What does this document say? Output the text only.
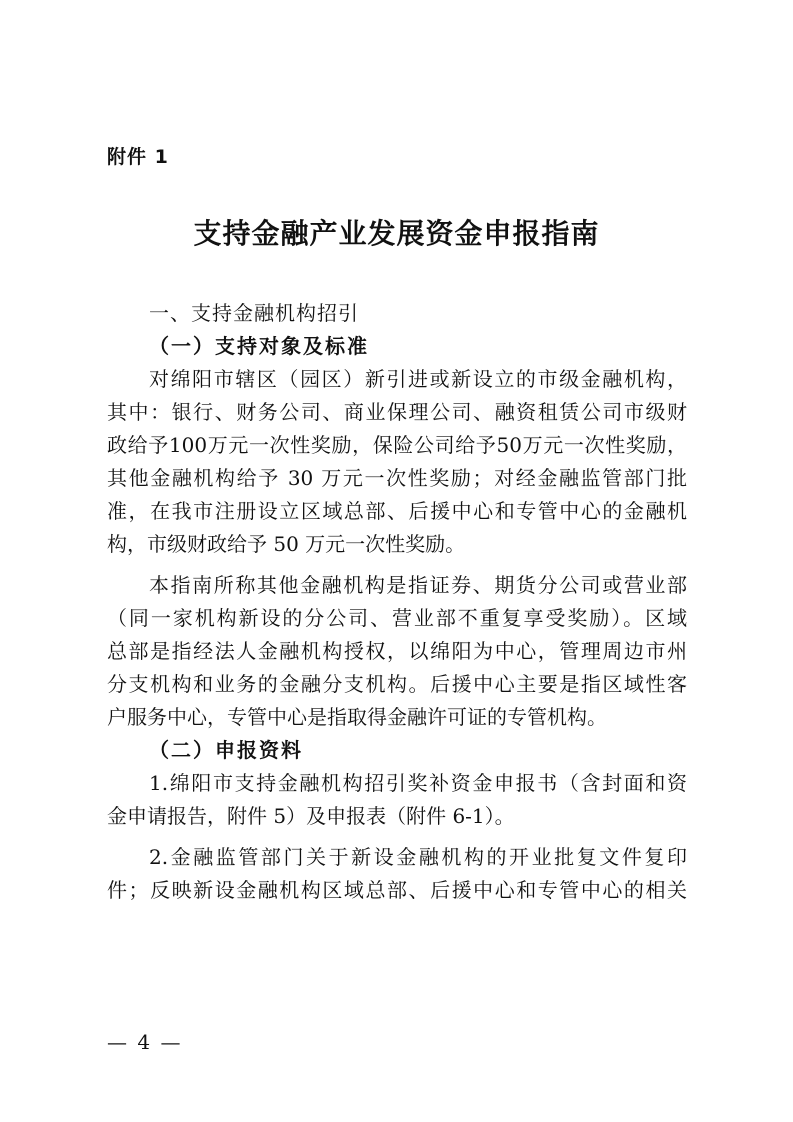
附件 1
支持金融产业发展资金申报指南
一、支持金融机构招引
（一）支持对象及标准
对绵阳市辖区（园区）新引进或新设立的市级金融机构，
其中：银行、财务公司、商业保理公司、融资租赁公司市级财
政给予100万元一次性奖励，保险公司给予50万元一次性奖励，
其他金融机构给予 30 万元一次性奖励；对经金融监管部门批
准，在我市注册设立区域总部、后援中心和专管中心的金融机
构，市级财政给予 50 万元一次性奖励。
本指南所称其他金融机构是指证券、期货分公司或营业部
（同一家机构新设的分公司、营业部不重复享受奖励）。区域
总部是指经法人金融机构授权，以绵阳为中心，管理周边市州
分支机构和业务的金融分支机构。后援中心主要是指区域性客
户服务中心，专管中心是指取得金融许可证的专管机构。
（二）申报资料
1.绵阳市支持金融机构招引奖补资金申报书（含封面和资
金申请报告，附件 5）及申报表（附件 6-1）。
2.金融监管部门关于新设金融机构的开业批复文件复印
件；反映新设金融机构区域总部、后援中心和专管中心的相关
— 4 —
